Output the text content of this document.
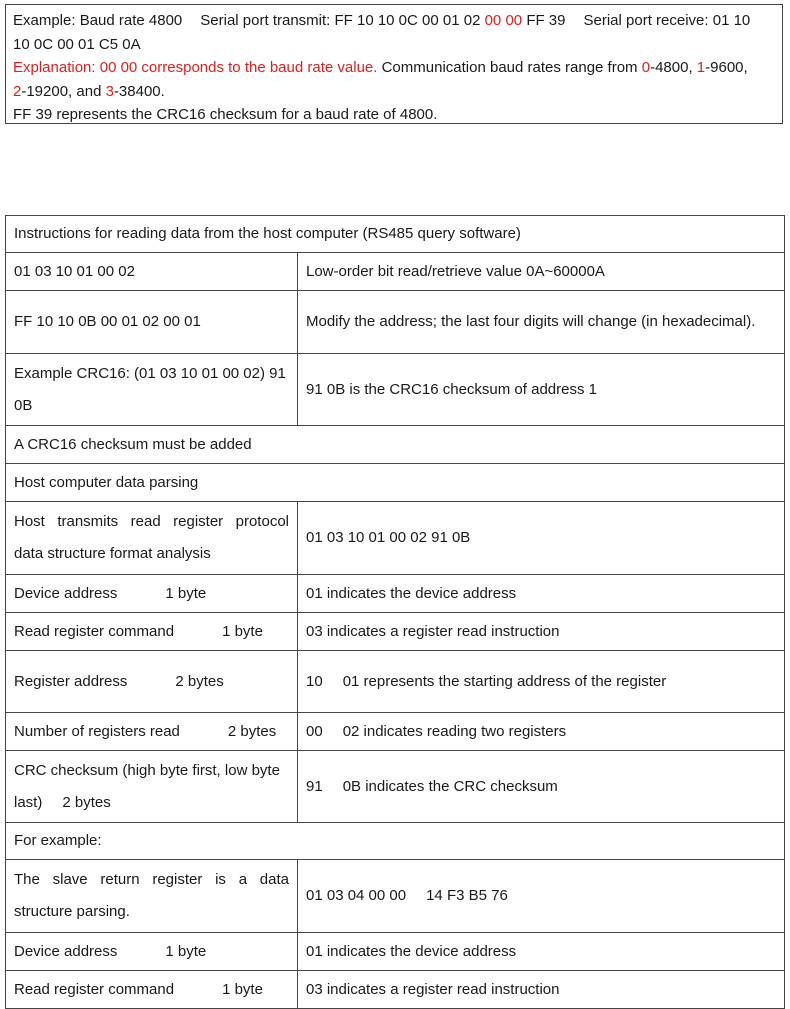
Example: Baud rate 4800 Serial port transmit: FF 10 10 0C 00 01 02 00 00 FF 39 Serial port receive: 01 10
10 0C 00 01 C5 0A
Explanation: 00 00 corresponds to the baud rate value. Communication baud rates range from 0-4800, 1-9600,
2-19200, and 3-38400.
FF 39 represents the CRC16 checksum for a baud rate of 4800.
Instructions for reading data from the host computer (RS485 query software)	
01 03 10 01 00 02	Low-order bit read/retrieve value 0A~60000A
FF 10 10 0B 00 01 02 00 01	Modify the address; the last four digits will change (in hexadecimal).
Example CRC16: (01 03 10 01 00 02) 91 0B	91 0B is the CRC16 checksum of address 1
A CRC16 checksum must be added	
Host computer data parsing	
Host transmits read register protocol data structure format analysis	01 03 10 01 00 02 91 0B
Device address 1 byte	01 indicates the device address
Read register command 1 byte	03 indicates a register read instruction
Register address 2 bytes	10 01 represents the starting address of the register
Number of registers read 2 bytes	00 02 indicates reading two registers
CRC checksum (high byte first, low byte last) 2 bytes	91 0B indicates the CRC checksum
For example:	
The slave return register is a data structure parsing.	01 03 04 00 00 14 F3 B5 76
Device address 1 byte	01 indicates the device address
Read register command 1 byte	03 indicates a register read instruction
